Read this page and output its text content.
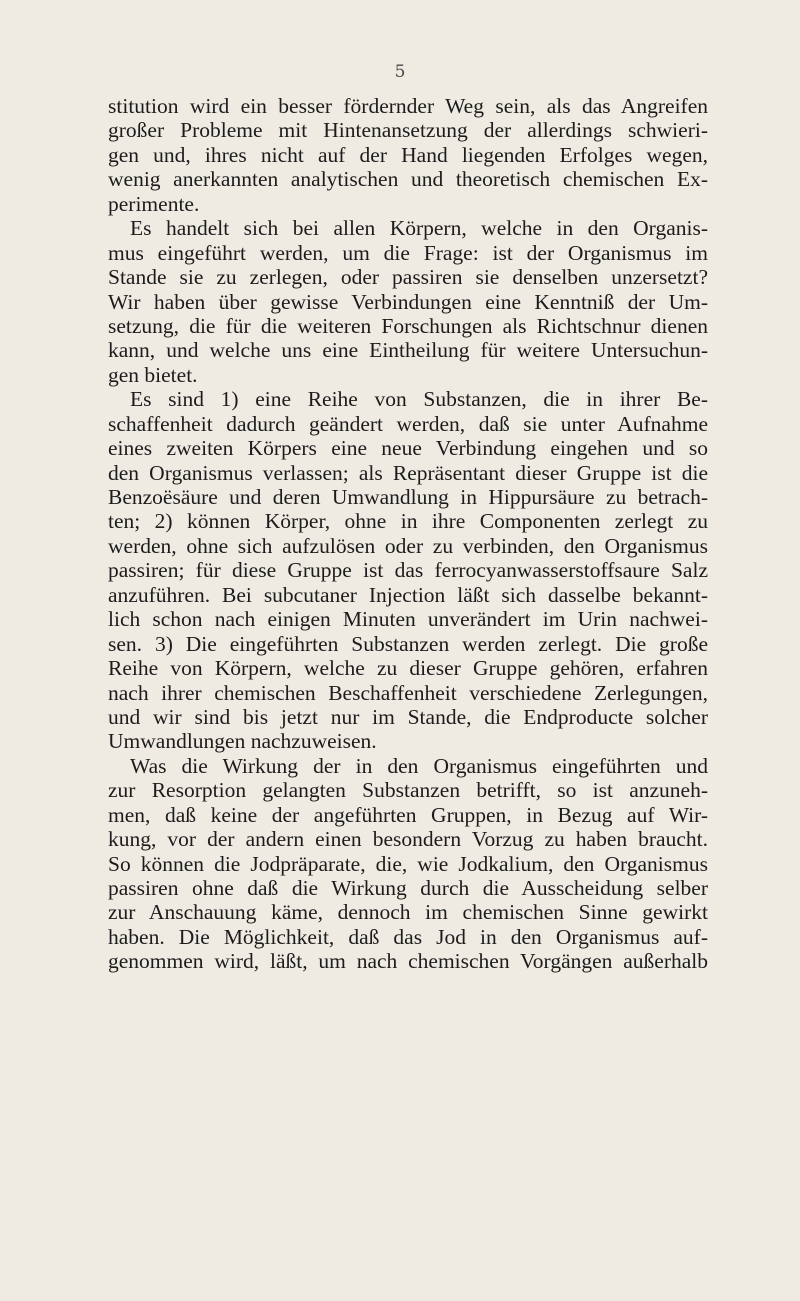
5
stitution wird ein besser fördernder Weg sein, als das Angreifen
großer Probleme mit Hintenansetzung der allerdings schwieri-
gen und, ihres nicht auf der Hand liegenden Erfolges wegen,
wenig anerkannten analytischen und theoretisch chemischen Ex-
perimente.
Es handelt sich bei allen Körpern, welche in den Organis-
mus eingeführt werden, um die Frage: ist der Organismus im
Stande sie zu zerlegen, oder passiren sie denselben unzersetzt?
Wir haben über gewisse Verbindungen eine Kenntniß der Um-
setzung, die für die weiteren Forschungen als Richtschnur dienen
kann, und welche uns eine Eintheilung für weitere Untersuchun-
gen bietet.
Es sind 1) eine Reihe von Substanzen, die in ihrer Be-
schaffenheit dadurch geändert werden, daß sie unter Aufnahme
eines zweiten Körpers eine neue Verbindung eingehen und so
den Organismus verlassen; als Repräsentant dieser Gruppe ist die
Benzoësäure und deren Umwandlung in Hippursäure zu betrach-
ten; 2) können Körper, ohne in ihre Componenten zerlegt zu
werden, ohne sich aufzulösen oder zu verbinden, den Organismus
passiren; für diese Gruppe ist das ferrocyanwasserstoffsaure Salz
anzuführen. Bei subcutaner Injection läßt sich dasselbe bekannt-
lich schon nach einigen Minuten unverändert im Urin nachwei-
sen. 3) Die eingeführten Substanzen werden zerlegt. Die große
Reihe von Körpern, welche zu dieser Gruppe gehören, erfahren
nach ihrer chemischen Beschaffenheit verschiedene Zerlegungen,
und wir sind bis jetzt nur im Stande, die Endproducte solcher
Umwandlungen nachzuweisen.
Was die Wirkung der in den Organismus eingeführten und
zur Resorption gelangten Substanzen betrifft, so ist anzuneh-
men, daß keine der angeführten Gruppen, in Bezug auf Wir-
kung, vor der andern einen besondern Vorzug zu haben braucht.
So können die Jodpräparate, die, wie Jodkalium, den Organismus
passiren ohne daß die Wirkung durch die Ausscheidung selber
zur Anschauung käme, dennoch im chemischen Sinne gewirkt
haben. Die Möglichkeit, daß das Jod in den Organismus auf-
genommen wird, läßt, um nach chemischen Vorgängen außerhalb
